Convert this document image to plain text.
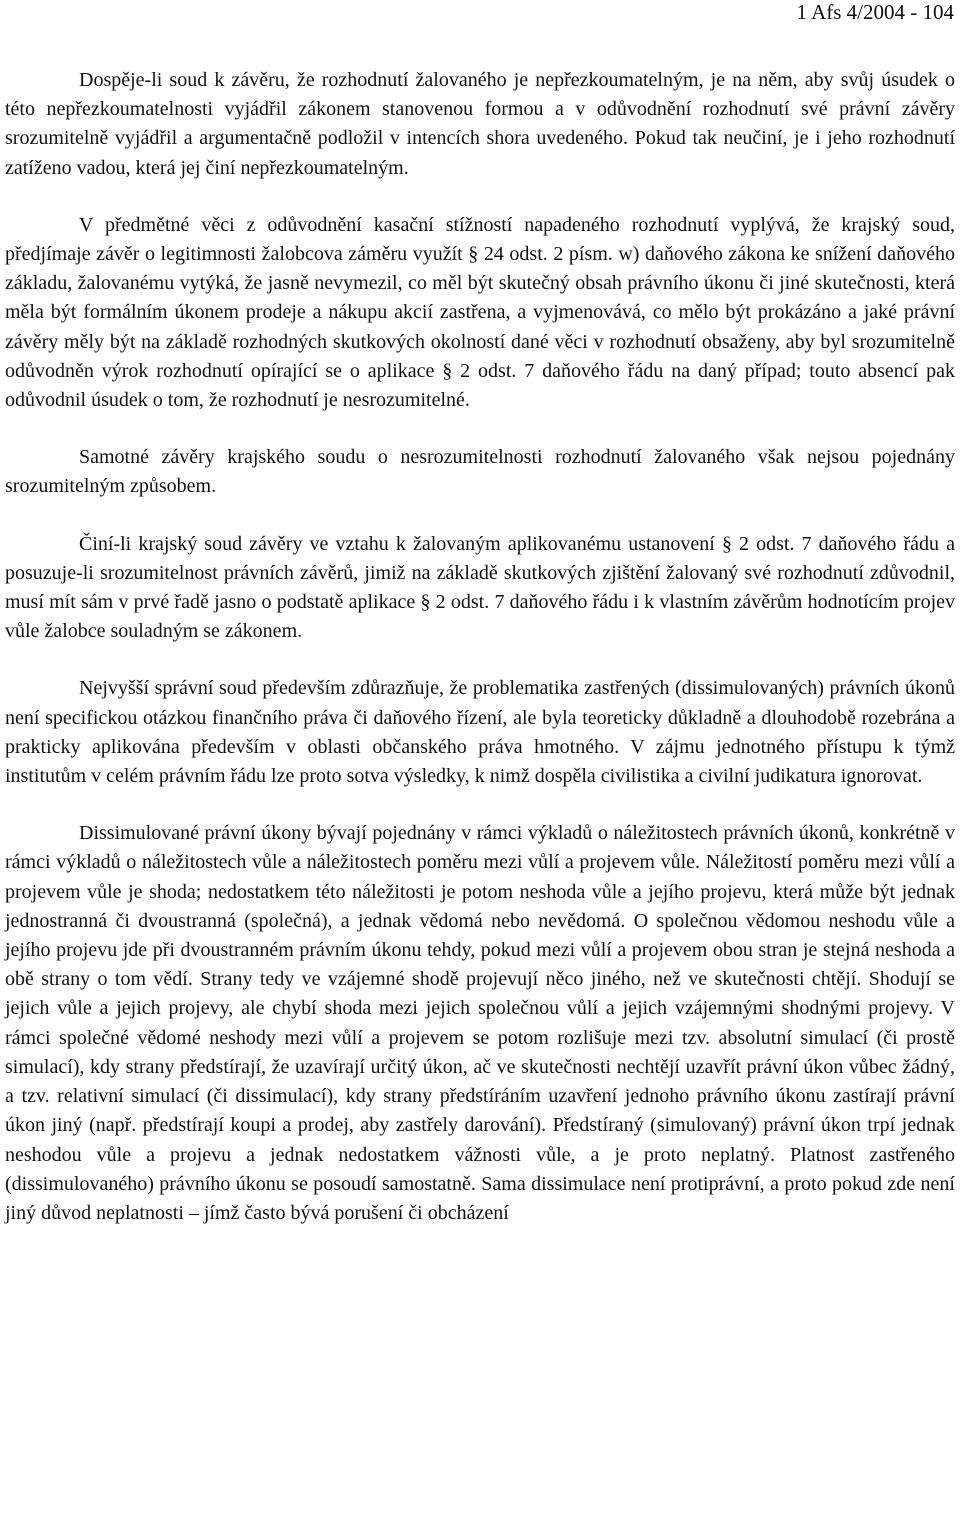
1 Afs 4/2004 - 104

Dospěje-li soud k závěru, že rozhodnutí žalovaného je nepřezkoumatelným, je na něm, aby svůj úsudek o této nepřezkoumatelnosti vyjádřil zákonem stanovenou formou a v odůvodnění rozhodnutí své právní závěry srozumitelně vyjádřil a argumentačně podložil v intencích shora uvedeného. Pokud tak neučiní, je i jeho rozhodnutí zatíženo vadou, která jej činí nepřezkoumatelným.

V předmětné věci z odůvodnění kasační stížností napadeného rozhodnutí vyplývá, že krajský soud, předjímaje závěr o legitimnosti žalobcova záměru využít § 24 odst. 2 písm. w) daňového zákona ke snížení daňového základu, žalovanému vytýká, že jasně nevymezil, co měl být skutečný obsah právního úkonu či jiné skutečnosti, která měla být formálním úkonem prodeje a nákupu akcií zastřena, a vyjmenovává, co mělo být prokázáno a jaké právní závěry měly být na základě rozhodných skutkových okolností dané věci v rozhodnutí obsaženy, aby byl srozumitelně odůvodněn výrok rozhodnutí opírající se o aplikace § 2 odst. 7 daňového řádu na daný případ; touto absencí pak odůvodnil úsudek o tom, že rozhodnutí je nesrozumitelné.

Samotné závěry krajského soudu o nesrozumitelnosti rozhodnutí žalovaného však nejsou pojednány srozumitelným způsobem.

Činí-li krajský soud závěry ve vztahu k žalovaným aplikovanému ustanovení § 2 odst. 7 daňového řádu a posuzuje-li srozumitelnost právních závěrů, jimiž na základě skutkových zjištění žalovaný své rozhodnutí zdůvodnil, musí mít sám v prvé řadě jasno o podstatě aplikace § 2 odst. 7 daňového řádu i k vlastním závěrům hodnotícím projev vůle žalobce souladným se zákonem.

Nejvyšší správní soud především zdůrazňuje, že problematika zastřených (dissimulovaných) právních úkonů není specifickou otázkou finančního práva či daňového řízení, ale byla teoreticky důkladně a dlouhodobě rozebrána a prakticky aplikována především v oblasti občanského práva hmotného. V zájmu jednotného přístupu k týmž institutům v celém právním řádu lze proto sotva výsledky, k nimž dospěla civilistika a civilní judikatura ignorovat.

Dissimulované právní úkony bývají pojednány v rámci výkladů o náležitostech právních úkonů, konkrétně v rámci výkladů o náležitostech vůle a náležitostech poměru mezi vůlí a projevem vůle. Náležitostí poměru mezi vůlí a projevem vůle je shoda; nedostatkem této náležitosti je potom neshoda vůle a jejího projevu, která může být jednak jednostranná či dvoustranná (společná), a jednak vědomá nebo nevědomá. O společnou vědomou neshodu vůle a jejího projevu jde při dvoustranném právním úkonu tehdy, pokud mezi vůlí a projevem obou stran je stejná neshoda a obě strany o tom vědí. Strany tedy ve vzájemné shodě projevují něco jiného, než ve skutečnosti chtějí. Shodují se jejich vůle a jejich projevy, ale chybí shoda mezi jejich společnou vůlí a jejich vzájemnými shodnými projevy. V rámci společné vědomé neshody mezi vůlí a projevem se potom rozlišuje mezi tzv. absolutní simulací (či prostě simulací), kdy strany předstírají, že uzavírají určitý úkon, ač ve skutečnosti nechtějí uzavřít právní úkon vůbec žádný, a tzv. relativní simulací (či dissimulací), kdy strany předstíráním uzavření jednoho právního úkonu zastírají právní úkon jiný (např. předstírají koupi a prodej, aby zastřely darování). Předstíraný (simulovaný) právní úkon trpí jednak neshodou vůle a projevu a jednak nedostatkem vážnosti vůle, a je proto neplatný. Platnost zastřeného (dissimulovaného) právního úkonu se posoudí samostatně. Sama dissimulace není protiprávní, a proto pokud zde není jiný důvod neplatnosti – jímž často bývá porušení či obcházení
